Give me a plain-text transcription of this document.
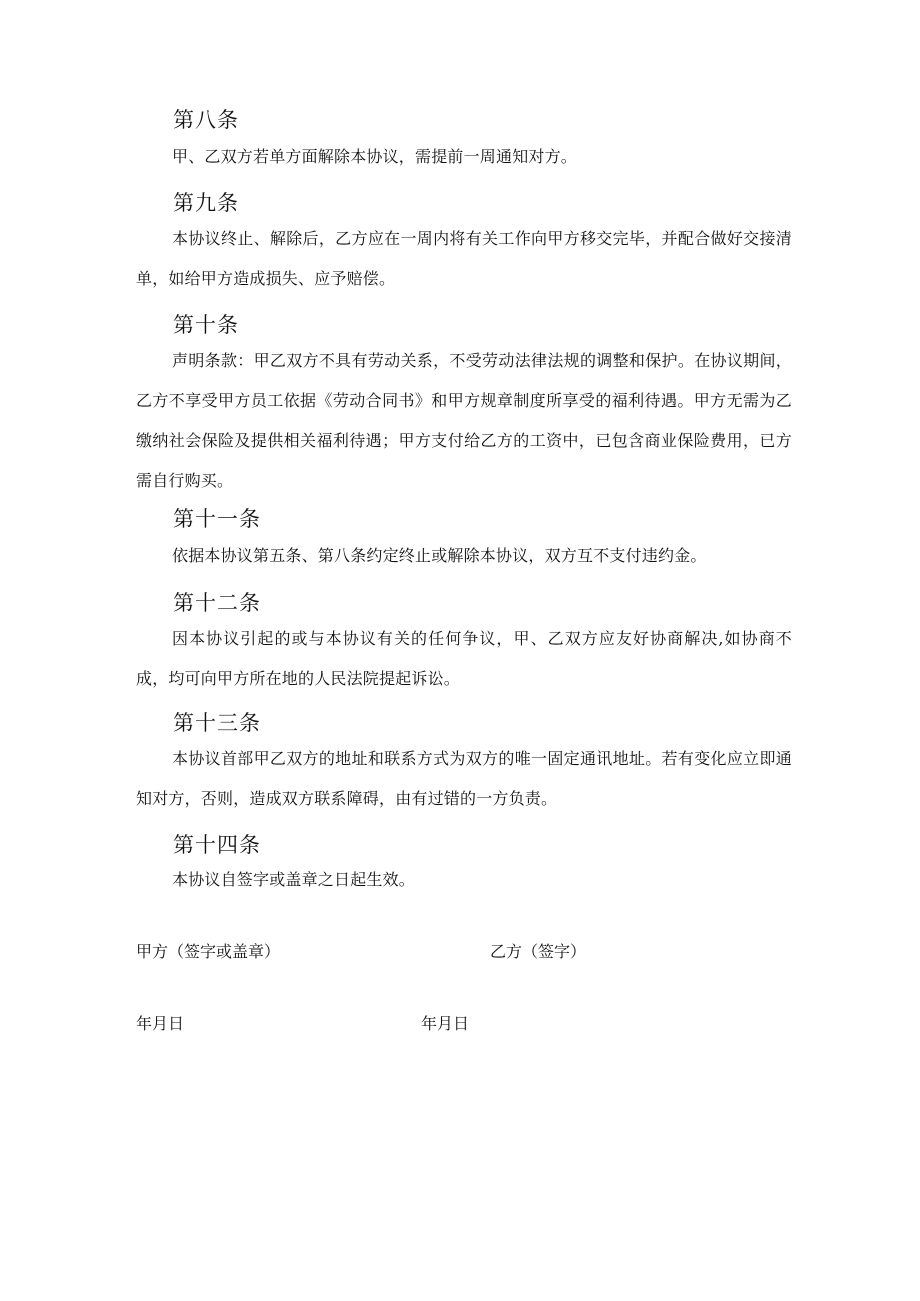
第八条
甲、乙双方若单方面解除本协议，需提前一周通知对方。
第九条
本协议终止、解除后，乙方应在一周内将有关工作向甲方移交完毕，并配合做好交接清单，如给甲方造成损失、应予赔偿。
第十条
声明条款：甲乙双方不具有劳动关系，不受劳动法律法规的调整和保护。在协议期间，乙方不享受甲方员工依据《劳动合同书》和甲方规章制度所享受的福利待遇。甲方无需为乙缴纳社会保险及提供相关福利待遇；甲方支付给乙方的工资中，已包含商业保险费用，已方需自行购买。
第十一条
依据本协议第五条、第八条约定终止或解除本协议，双方互不支付违约金。
第十二条
因本协议引起的或与本协议有关的任何争议，甲、乙双方应友好协商解决,如协商不成，均可向甲方所在地的人民法院提起诉讼。
第十三条
本协议首部甲乙双方的地址和联系方式为双方的唯一固定通讯地址。若有变化应立即通知对方，否则，造成双方联系障碍，由有过错的一方负责。
第十四条
本协议自签字或盖章之日起生效。
甲方（签字或盖章）	乙方（签字）
年月日	年月日
